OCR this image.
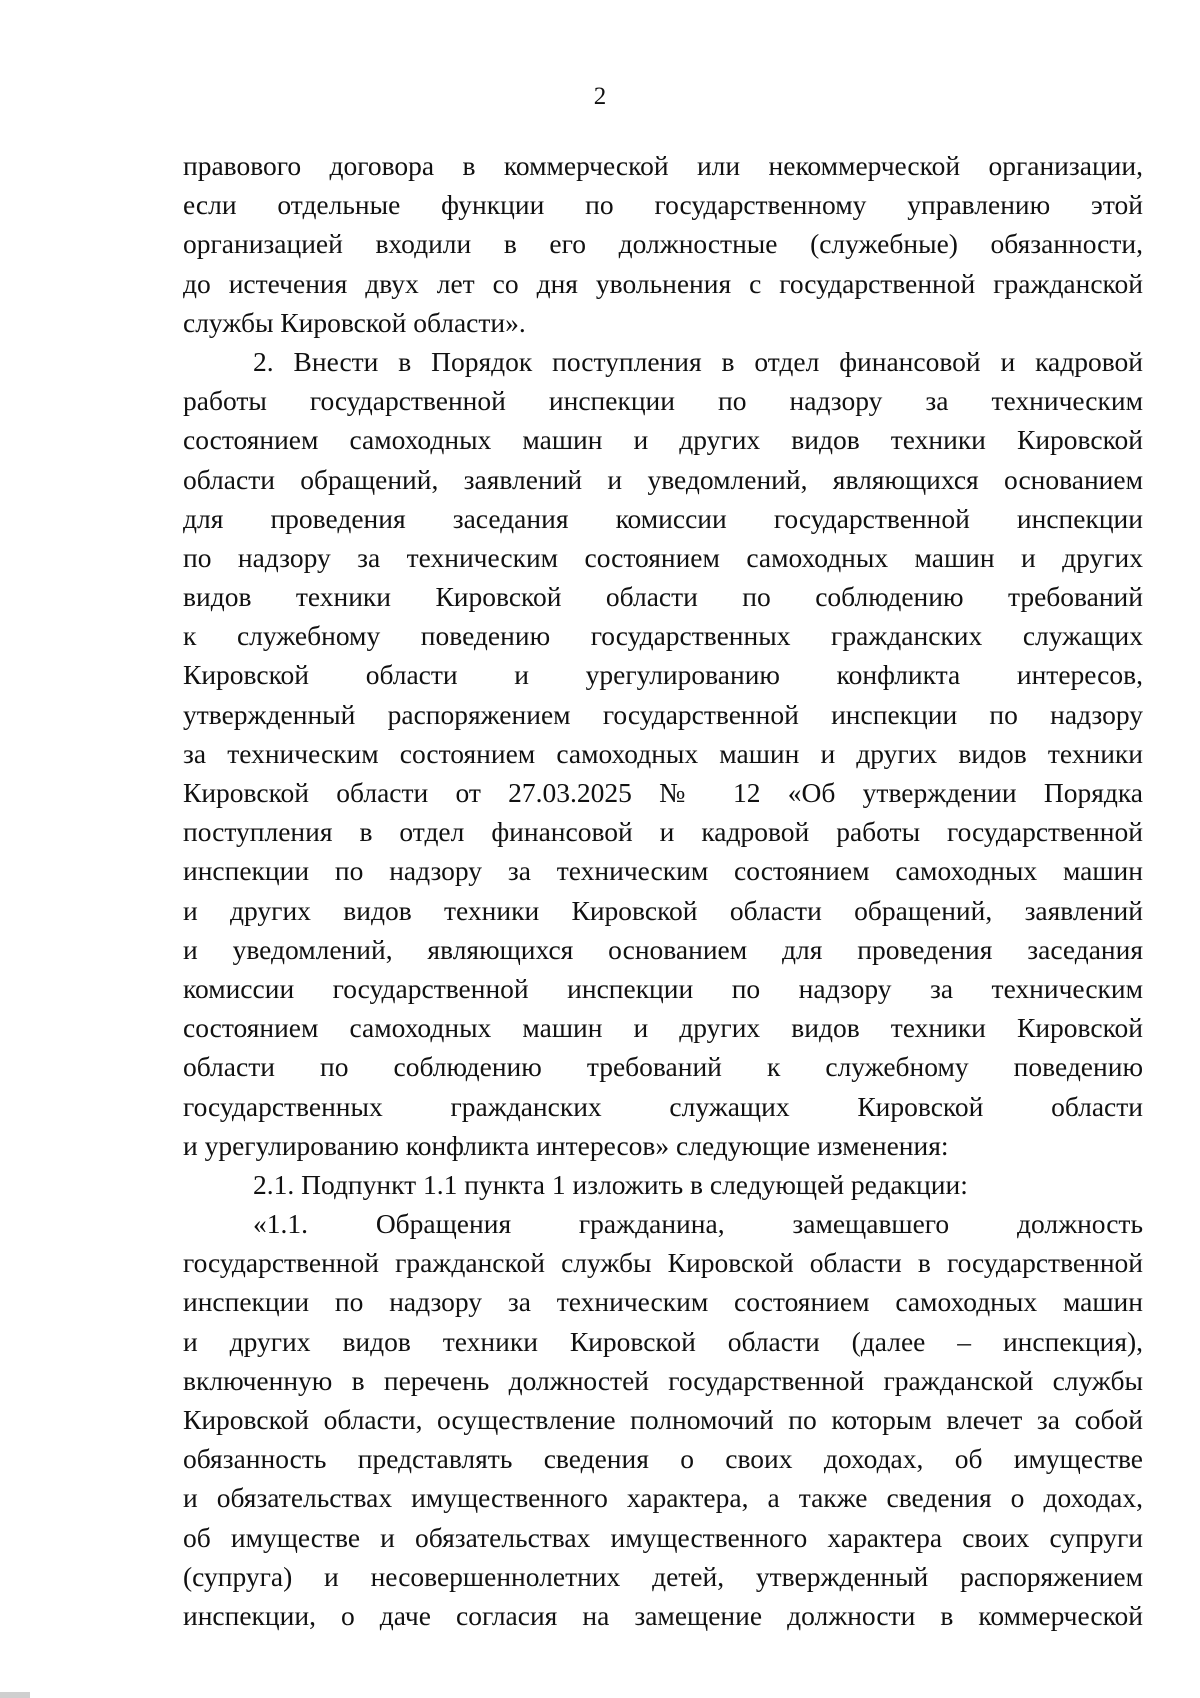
2
правового договора в коммерческой или некоммерческой организации,
если отдельные функции по государственному управлению этой
организацией входили в его должностные (служебные) обязанности,
до истечения двух лет со дня увольнения с государственной гражданской
службы Кировской области».
2. Внести в Порядок поступления в отдел финансовой и кадровой
работы государственной инспекции по надзору за техническим
состоянием самоходных машин и других видов техники Кировской
области обращений, заявлений и уведомлений, являющихся основанием
для проведения заседания комиссии государственной инспекции
по надзору за техническим состоянием самоходных машин и других
видов техники Кировской области по соблюдению требований
к служебному поведению государственных гражданских служащих
Кировской области и урегулированию конфликта интересов,
утвержденный распоряжением государственной инспекции по надзору
за техническим состоянием самоходных машин и других видов техники
Кировской области от 27.03.2025 № 12 «Об утверждении Порядка
поступления в отдел финансовой и кадровой работы государственной
инспекции по надзору за техническим состоянием самоходных машин
и других видов техники Кировской области обращений, заявлений
и уведомлений, являющихся основанием для проведения заседания
комиссии государственной инспекции по надзору за техническим
состоянием самоходных машин и других видов техники Кировской
области по соблюдению требований к служебному поведению
государственных гражданских служащих Кировской области
и урегулированию конфликта интересов» следующие изменения:
2.1. Подпункт 1.1 пункта 1 изложить в следующей редакции:
«1.1. Обращения гражданина, замещавшего должность
государственной гражданской службы Кировской области в государственной
инспекции по надзору за техническим состоянием самоходных машин
и других видов техники Кировской области (далее – инспекция),
включенную в перечень должностей государственной гражданской службы
Кировской области, осуществление полномочий по которым влечет за собой
обязанность представлять сведения о своих доходах, об имуществе
и обязательствах имущественного характера, а также сведения о доходах,
об имуществе и обязательствах имущественного характера своих супруги
(супруга) и несовершеннолетних детей, утвержденный распоряжением
инспекции, о даче согласия на замещение должности в коммерческой
